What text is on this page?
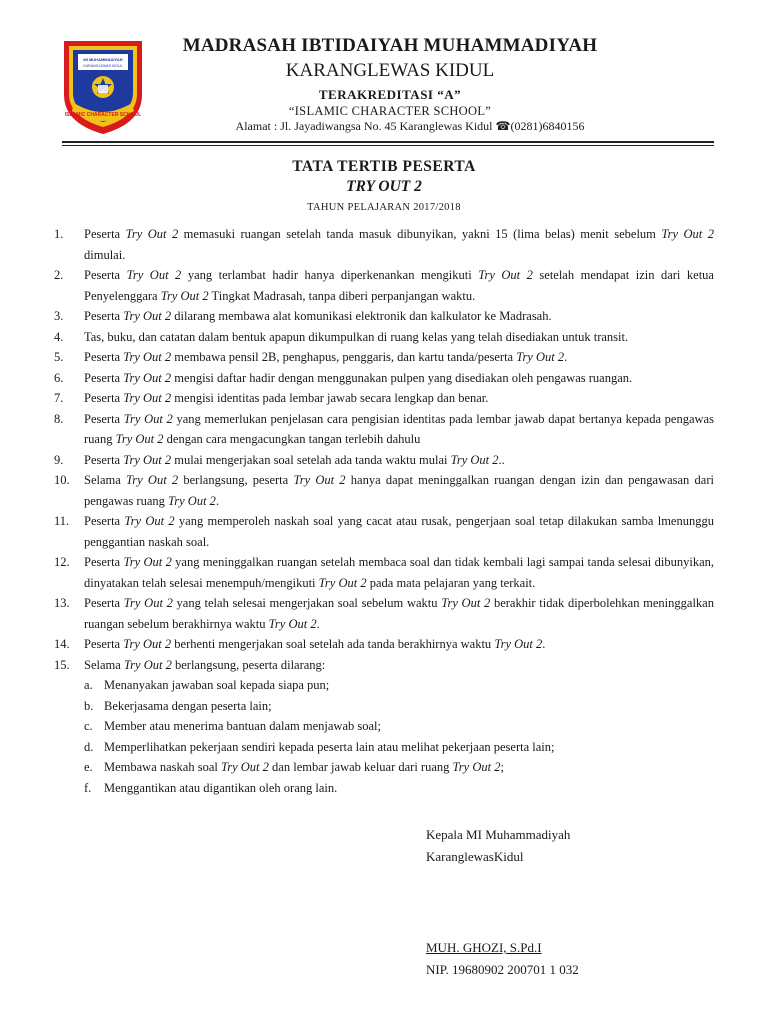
MI MUHAMMADIYAH
KARANGLEWAS KIDUL
ISLAMIC CHARACTER SCHOOL
MADRASAH IBTIDAIYAH MUHAMMADIYAH
KARANGLEWAS KIDUL
TERAKREDITASI “A”
“ISLAMIC CHARACTER SCHOOL”
Alamat : Jl. Jayadiwangsa No. 45 Karanglewas Kidul ☎(0281)6840156
TATA TERTIB PESERTA
TRY OUT 2
TAHUN PELAJARAN 2017/2018
1.	Peserta Try Out 2 memasuki ruangan setelah tanda masuk dibunyikan, yakni 15 (lima belas) menit sebelum Try Out 2 dimulai.
2.	Peserta Try Out 2 yang terlambat hadir hanya diperkenankan mengikuti Try Out 2 setelah mendapat izin dari ketua Penyelenggara Try Out 2 Tingkat Madrasah, tanpa diberi perpanjangan waktu.
3.	Peserta Try Out 2 dilarang membawa alat komunikasi elektronik dan kalkulator ke Madrasah.
4.	Tas, buku, dan catatan dalam bentuk apapun dikumpulkan di ruang kelas yang telah disediakan untuk transit.
5.	Peserta Try Out 2 membawa pensil 2B, penghapus, penggaris, dan kartu tanda/peserta Try Out 2.
6.	Peserta Try Out 2 mengisi daftar hadir dengan menggunakan pulpen yang disediakan oleh pengawas ruangan.
7.	Peserta Try Out 2 mengisi identitas pada lembar jawab secara lengkap dan benar.
8.	Peserta Try Out 2 yang memerlukan penjelasan cara pengisian identitas pada lembar jawab dapat bertanya kepada pengawas ruang Try Out 2 dengan cara mengacungkan tangan terlebih dahulu
9.	Peserta Try Out 2 mulai mengerjakan soal setelah ada tanda waktu mulai Try Out 2..
10.	Selama Try Out 2 berlangsung, peserta Try Out 2 hanya dapat meninggalkan ruangan dengan izin dan pengawasan dari pengawas ruang Try Out 2.
11.	Peserta Try Out 2 yang memperoleh naskah soal yang cacat atau rusak, pengerjaan soal tetap dilakukan samba lmenunggu penggantian naskah soal.
12.	Peserta Try Out 2 yang meninggalkan ruangan setelah membaca soal dan tidak kembali lagi sampai tanda selesai dibunyikan, dinyatakan telah selesai menempuh/mengikuti Try Out 2 pada mata pelajaran yang terkait.
13.	Peserta Try Out 2 yang telah selesai mengerjakan soal sebelum waktu Try Out 2 berakhir tidak diperbolehkan meninggalkan ruangan sebelum berakhirnya waktu Try Out 2.
14.	Peserta Try Out 2 berhenti mengerjakan soal setelah ada tanda berakhirnya waktu Try Out 2.
15.	Selama Try Out 2 berlangsung, peserta dilarang:
a. Menanyakan jawaban soal kepada siapa pun;
b. Bekerjasama dengan peserta lain;
c. Member atau menerima bantuan dalam menjawab soal;
d. Memperlihatkan pekerjaan sendiri kepada peserta lain atau melihat pekerjaan peserta lain;
e. Membawa naskah soal Try Out 2 dan lembar jawab keluar dari ruang Try Out 2;
f.	Menggantikan atau digantikan oleh orang lain.
Kepala MI Muhammadiyah
KaranglewasKidul
MUH. GHOZI, S.Pd.I
NIP. 19680902 200701 1 032
